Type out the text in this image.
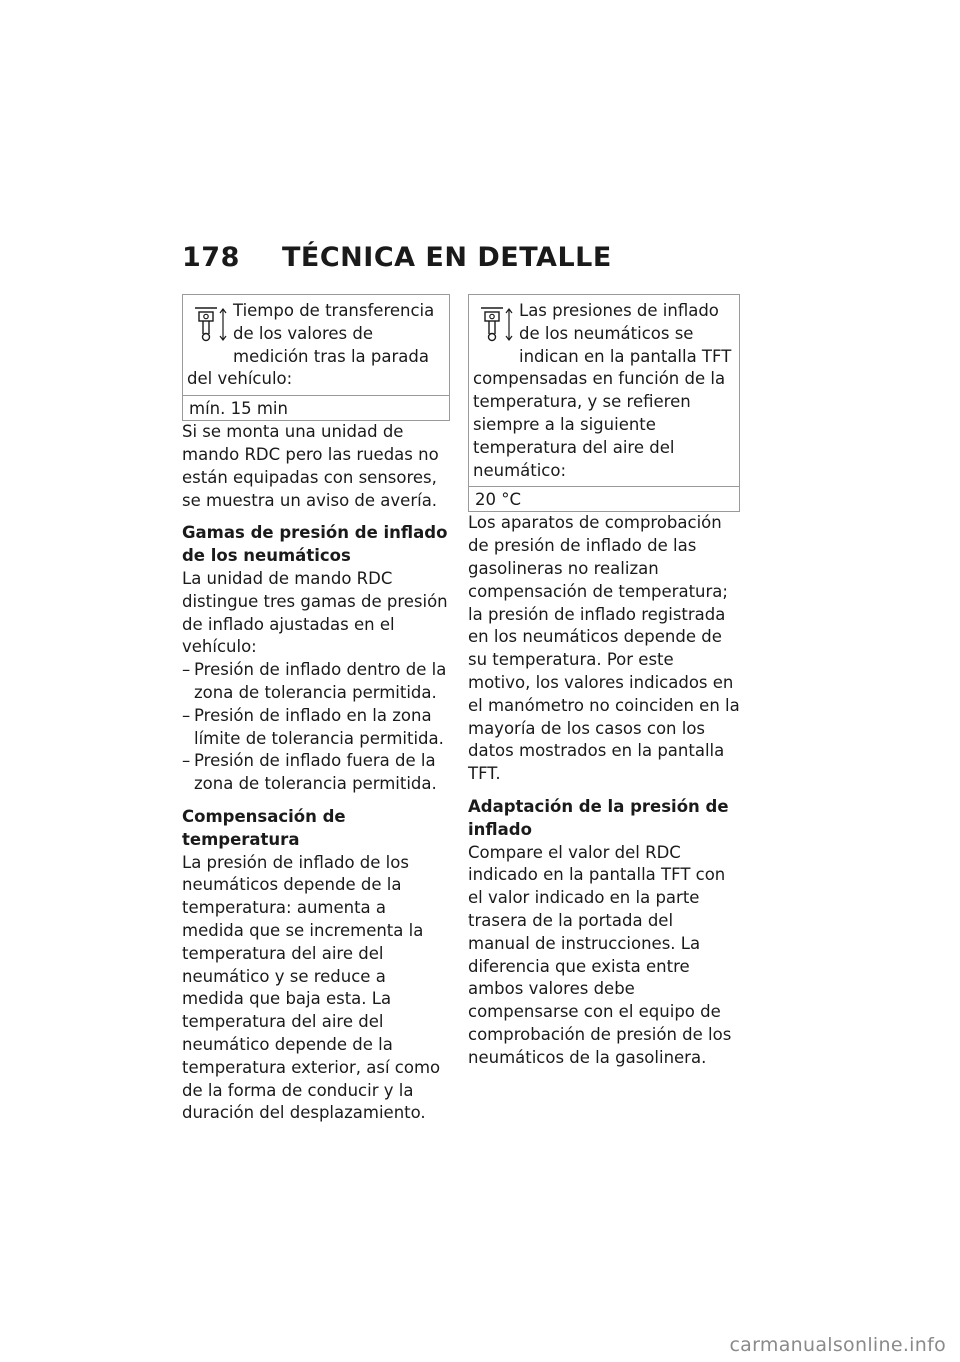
178 TÉCNICA EN DETALLE

Tiempo de transferencia de los valores de medición tras la parada del vehículo:

mín. 15 min

Si se monta una unidad de mando RDC pero las ruedas no están equipadas con sensores, se muestra un aviso de avería.

Gamas de presión de inflado de los neumáticos

La unidad de mando RDC distingue tres gamas de presión de inflado ajustadas en el vehículo:

– Presión de inflado dentro de la zona de tolerancia permitida.
– Presión de inflado en la zona límite de tolerancia permitida.
– Presión de inflado fuera de la zona de tolerancia permitida.
Compensación de temperatura

La presión de inflado de los neumáticos depende de la temperatura: aumenta a medida que se incrementa la temperatura del aire del neumático y se reduce a medida que baja esta. La temperatura del aire del neumático depende de la temperatura exterior, así como de la forma de conducir y la duración del desplazamiento.

Las presiones de inflado de los neumáticos se indican en la pantalla TFT compensadas en función de la temperatura, y se refieren siempre a la siguiente temperatura del aire del neumático:

20 °C

Los aparatos de comprobación de presión de inflado de las gasolineras no realizan compensación de temperatura; la presión de inflado registrada en los neumáticos depende de su temperatura. Por este motivo, los valores indicados en el manómetro no coinciden en la mayoría de los casos con los datos mostrados en la pantalla TFT.

Adaptación de la presión de inflado

Compare el valor del RDC indicado en la pantalla TFT con el valor indicado en la parte trasera de la portada del manual de instrucciones. La diferencia que exista entre ambos valores debe compensarse con el equipo de comprobación de presión de los neumáticos de la gasolinera.

carmanualsonline.info
